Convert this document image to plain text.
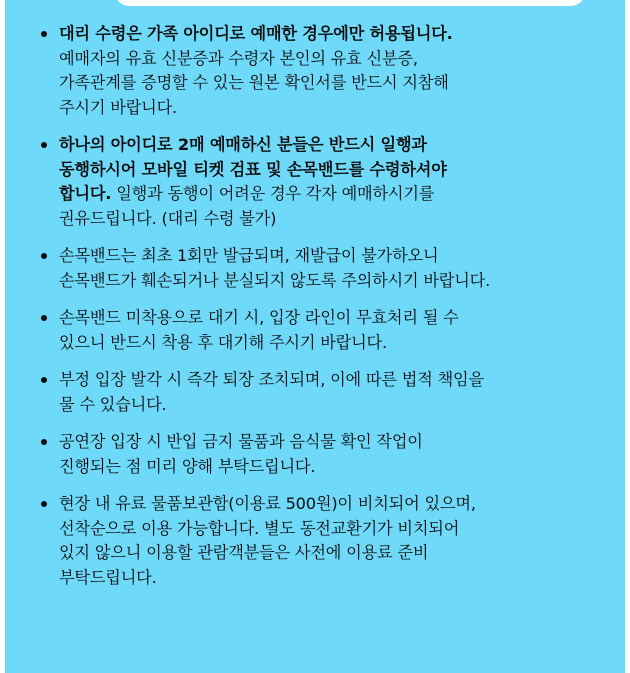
대리 수령은 가족 아이디로 예매한 경우에만 허용됩니다.
예매자의 유효 신분증과 수령자 본인의 유효 신분증,
가족관계를 증명할 수 있는 원본 확인서를 반드시 지참해
주시기 바랍니다.
하나의 아이디로 2매 예매하신 분들은 반드시 일행과
동행하시어 모바일 티켓 검표 및 손목밴드를 수령하셔야
합니다. 일행과 동행이 어려운 경우 각자 예매하시기를
권유드립니다. (대리 수령 불가)
손목밴드는 최초 1회만 발급되며, 재발급이 불가하오니
손목밴드가 훼손되거나 분실되지 않도록 주의하시기 바랍니다.
손목밴드 미착용으로 대기 시, 입장 라인이 무효처리 될 수
있으니 반드시 착용 후 대기해 주시기 바랍니다.
부정 입장 발각 시 즉각 퇴장 조치되며, 이에 따른 법적 책임을
물 수 있습니다.
공연장 입장 시 반입 금지 물품과 음식물 확인 작업이
진행되는 점 미리 양해 부탁드립니다.
현장 내 유료 물품보관함(이용료 500원)이 비치되어 있으며,
선착순으로 이용 가능합니다. 별도 동전교환기가 비치되어
있지 않으니 이용할 관람객분들은 사전에 이용료 준비
부탁드립니다.
